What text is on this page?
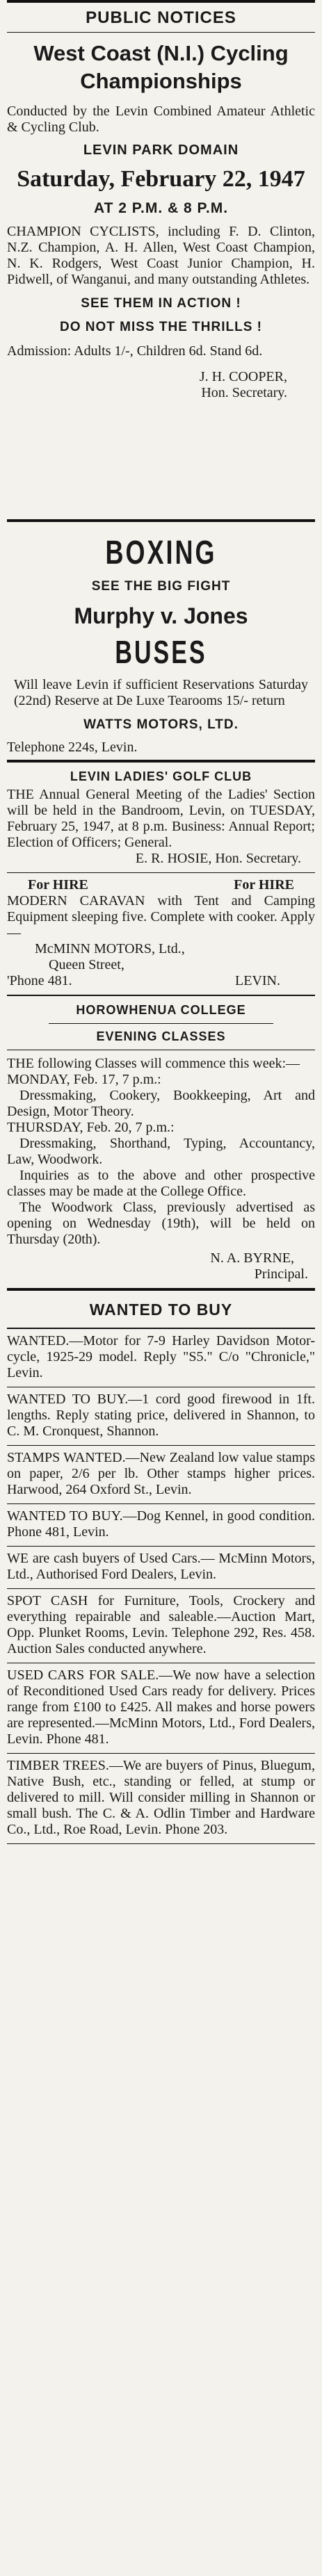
PUBLIC NOTICES
West Coast (N.I.) Cycling
Championships
Conducted by the Levin Combined Amateur Athletic & Cycling Club.
LEVIN PARK DOMAIN
Saturday, February 22, 1947
AT 2 P.M. & 8 P.M.
CHAMPION CYCLISTS, including F. D. Clinton, N.Z. Champion, A. H. Allen, West Coast Champion, N. K. Rodgers, West Coast Junior Champion, H. Pidwell, of Wanganui, and many outstanding Athletes.
SEE THEM IN ACTION !
DO NOT MISS THE THRILLS !
Admission: Adults 1/-, Children 6d. Stand 6d.
J. H. COOPER,
Hon. Secretary.
BOXING
SEE THE BIG FIGHT
Murphy v. Jones
BUSES
Will leave Levin if sufficient Reservations Saturday (22nd) Reserve at De Luxe Tearooms 15/- return
WATTS MOTORS, LTD.
Telephone 224s, Levin.
LEVIN LADIES' GOLF CLUB
THE Annual General Meeting of the Ladies' Section will be held in the Bandroom, Levin, on TUESDAY, February 25, 1947, at 8 p.m. Business: Annual Report; Election of Officers; General.
E. R. HOSIE, Hon. Secretary.
For HIRE	For HIRE
MODERN CARAVAN with Tent and Camping Equipment sleeping five. Complete with cooker. Apply—
McMINN MOTORS, Ltd.,
Queen Street,
'Phone 481.	LEVIN.
HOROWHENUA COLLEGE
EVENING CLASSES
THE following Classes will commence this week:—
MONDAY, Feb. 17, 7 p.m.:
Dressmaking, Cookery, Bookkeeping, Art and Design, Motor Theory.
THURSDAY, Feb. 20, 7 p.m.:
Dressmaking, Shorthand, Typing, Accountancy, Law, Woodwork.
Inquiries as to the above and other prospective classes may be made at the College Office.
The Woodwork Class, previously advertised as opening on Wednesday (19th), will be held on Thursday (20th).
N. A. BYRNE,
Principal.
WANTED TO BUY
WANTED.—Motor for 7-9 Harley Davidson Motor-cycle, 1925-29 model. Reply "S5." C/o "Chronicle," Levin.
WANTED TO BUY.—1 cord good firewood in 1ft. lengths. Reply stating price, delivered in Shannon, to C. M. Cronquest, Shannon.
STAMPS WANTED.—New Zealand low value stamps on paper, 2/6 per lb. Other stamps higher prices. Harwood, 264 Oxford St., Levin.
WANTED TO BUY.—Dog Kennel, in good condition. Phone 481, Levin.
WE are cash buyers of Used Cars.— McMinn Motors, Ltd., Authorised Ford Dealers, Levin.
SPOT CASH for Furniture, Tools, Crockery and everything repairable and saleable.—Auction Mart, Opp. Plunket Rooms, Levin. Telephone 292, Res. 458. Auction Sales conducted anywhere.
USED CARS FOR SALE.—We now have a selection of Reconditioned Used Cars ready for delivery. Prices range from £100 to £425. All makes and horse powers are represented.—McMinn Motors, Ltd., Ford Dealers, Levin. Phone 481.
TIMBER TREES.—We are buyers of Pinus, Bluegum, Native Bush, etc., standing or felled, at stump or delivered to mill. Will consider milling in Shannon or small bush. The C. & A. Odlin Timber and Hardware Co., Ltd., Roe Road, Levin. Phone 203.
